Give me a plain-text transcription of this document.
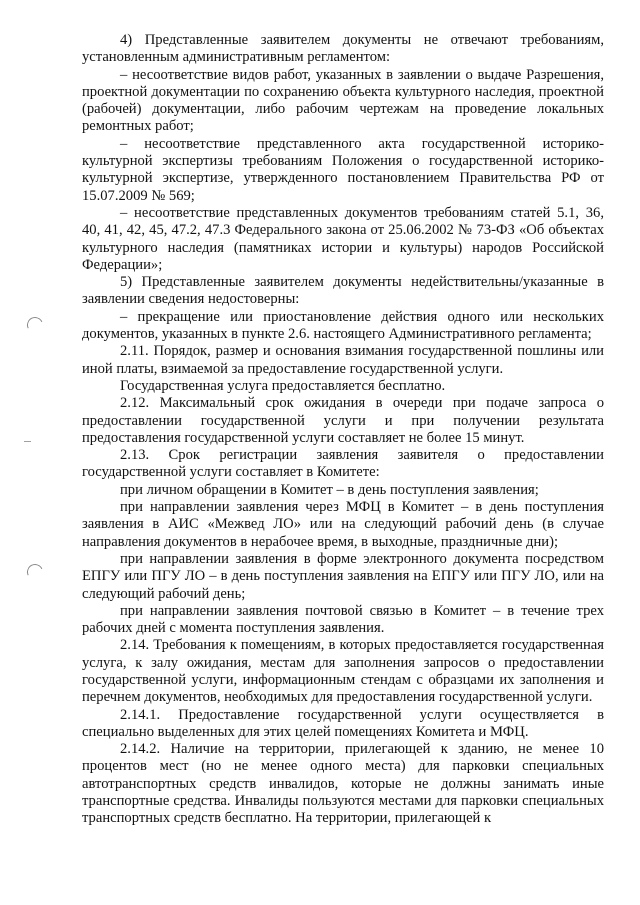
4) Представленные заявителем документы не отвечают требованиям, установленным административным регламентом:

– несоответствие видов работ, указанных в заявлении о выдаче Разрешения, проектной документации по сохранению объекта культурного наследия, проектной (рабочей) документации, либо рабочим чертежам на проведение локальных ремонтных работ;

– несоответствие представленного акта государственной историко-культурной экспертизы требованиям Положения о государственной историко-культурной экспертизе, утвержденного постановлением Правительства РФ от 15.07.2009 № 569;

– несоответствие представленных документов требованиям статей 5.1, 36, 40, 41, 42, 45, 47.2, 47.3 Федерального закона от 25.06.2002 № 73-ФЗ «Об объектах культурного наследия (памятниках истории и культуры) народов Российской Федерации»;

5) Представленные заявителем документы недействительны/указанные в заявлении сведения недостоверны:

– прекращение или приостановление действия одного или нескольких документов, указанных в пункте 2.6. настоящего Административного регламента;

2.11. Порядок, размер и основания взимания государственной пошлины или иной платы, взимаемой за предоставление государственной услуги.

Государственная услуга предоставляется бесплатно.

2.12. Максимальный срок ожидания в очереди при подаче запроса о предоставлении государственной услуги и при получении результата предоставления государственной услуги составляет не более 15 минут.

2.13. Срок регистрации заявления заявителя о предоставлении государственной услуги составляет в Комитете:

при личном обращении в Комитет – в день поступления заявления;

при направлении заявления через МФЦ в Комитет – в день поступления заявления в АИС «Межвед ЛО» или на следующий рабочий день (в случае направления документов в нерабочее время, в выходные, праздничные дни);

при направлении заявления в форме электронного документа посредством ЕПГУ или ПГУ ЛО – в день поступления заявления на ЕПГУ или ПГУ ЛО, или на следующий рабочий день;

при направлении заявления почтовой связью в Комитет – в течение трех рабочих дней с момента поступления заявления.

2.14. Требования к помещениям, в которых предоставляется государственная услуга, к залу ожидания, местам для заполнения запросов о предоставлении государственной услуги, информационным стендам с образцами их заполнения и перечнем документов, необходимых для предоставления государственной услуги.

2.14.1. Предоставление государственной услуги осуществляется в специально выделенных для этих целей помещениях Комитета и МФЦ.

2.14.2. Наличие на территории, прилегающей к зданию, не менее 10 процентов мест (но не менее одного места) для парковки специальных автотранспортных средств инвалидов, которые не должны занимать иные транспортные средства. Инвалиды пользуются местами для парковки специальных транспортных средств бесплатно. На территории, прилегающей к
